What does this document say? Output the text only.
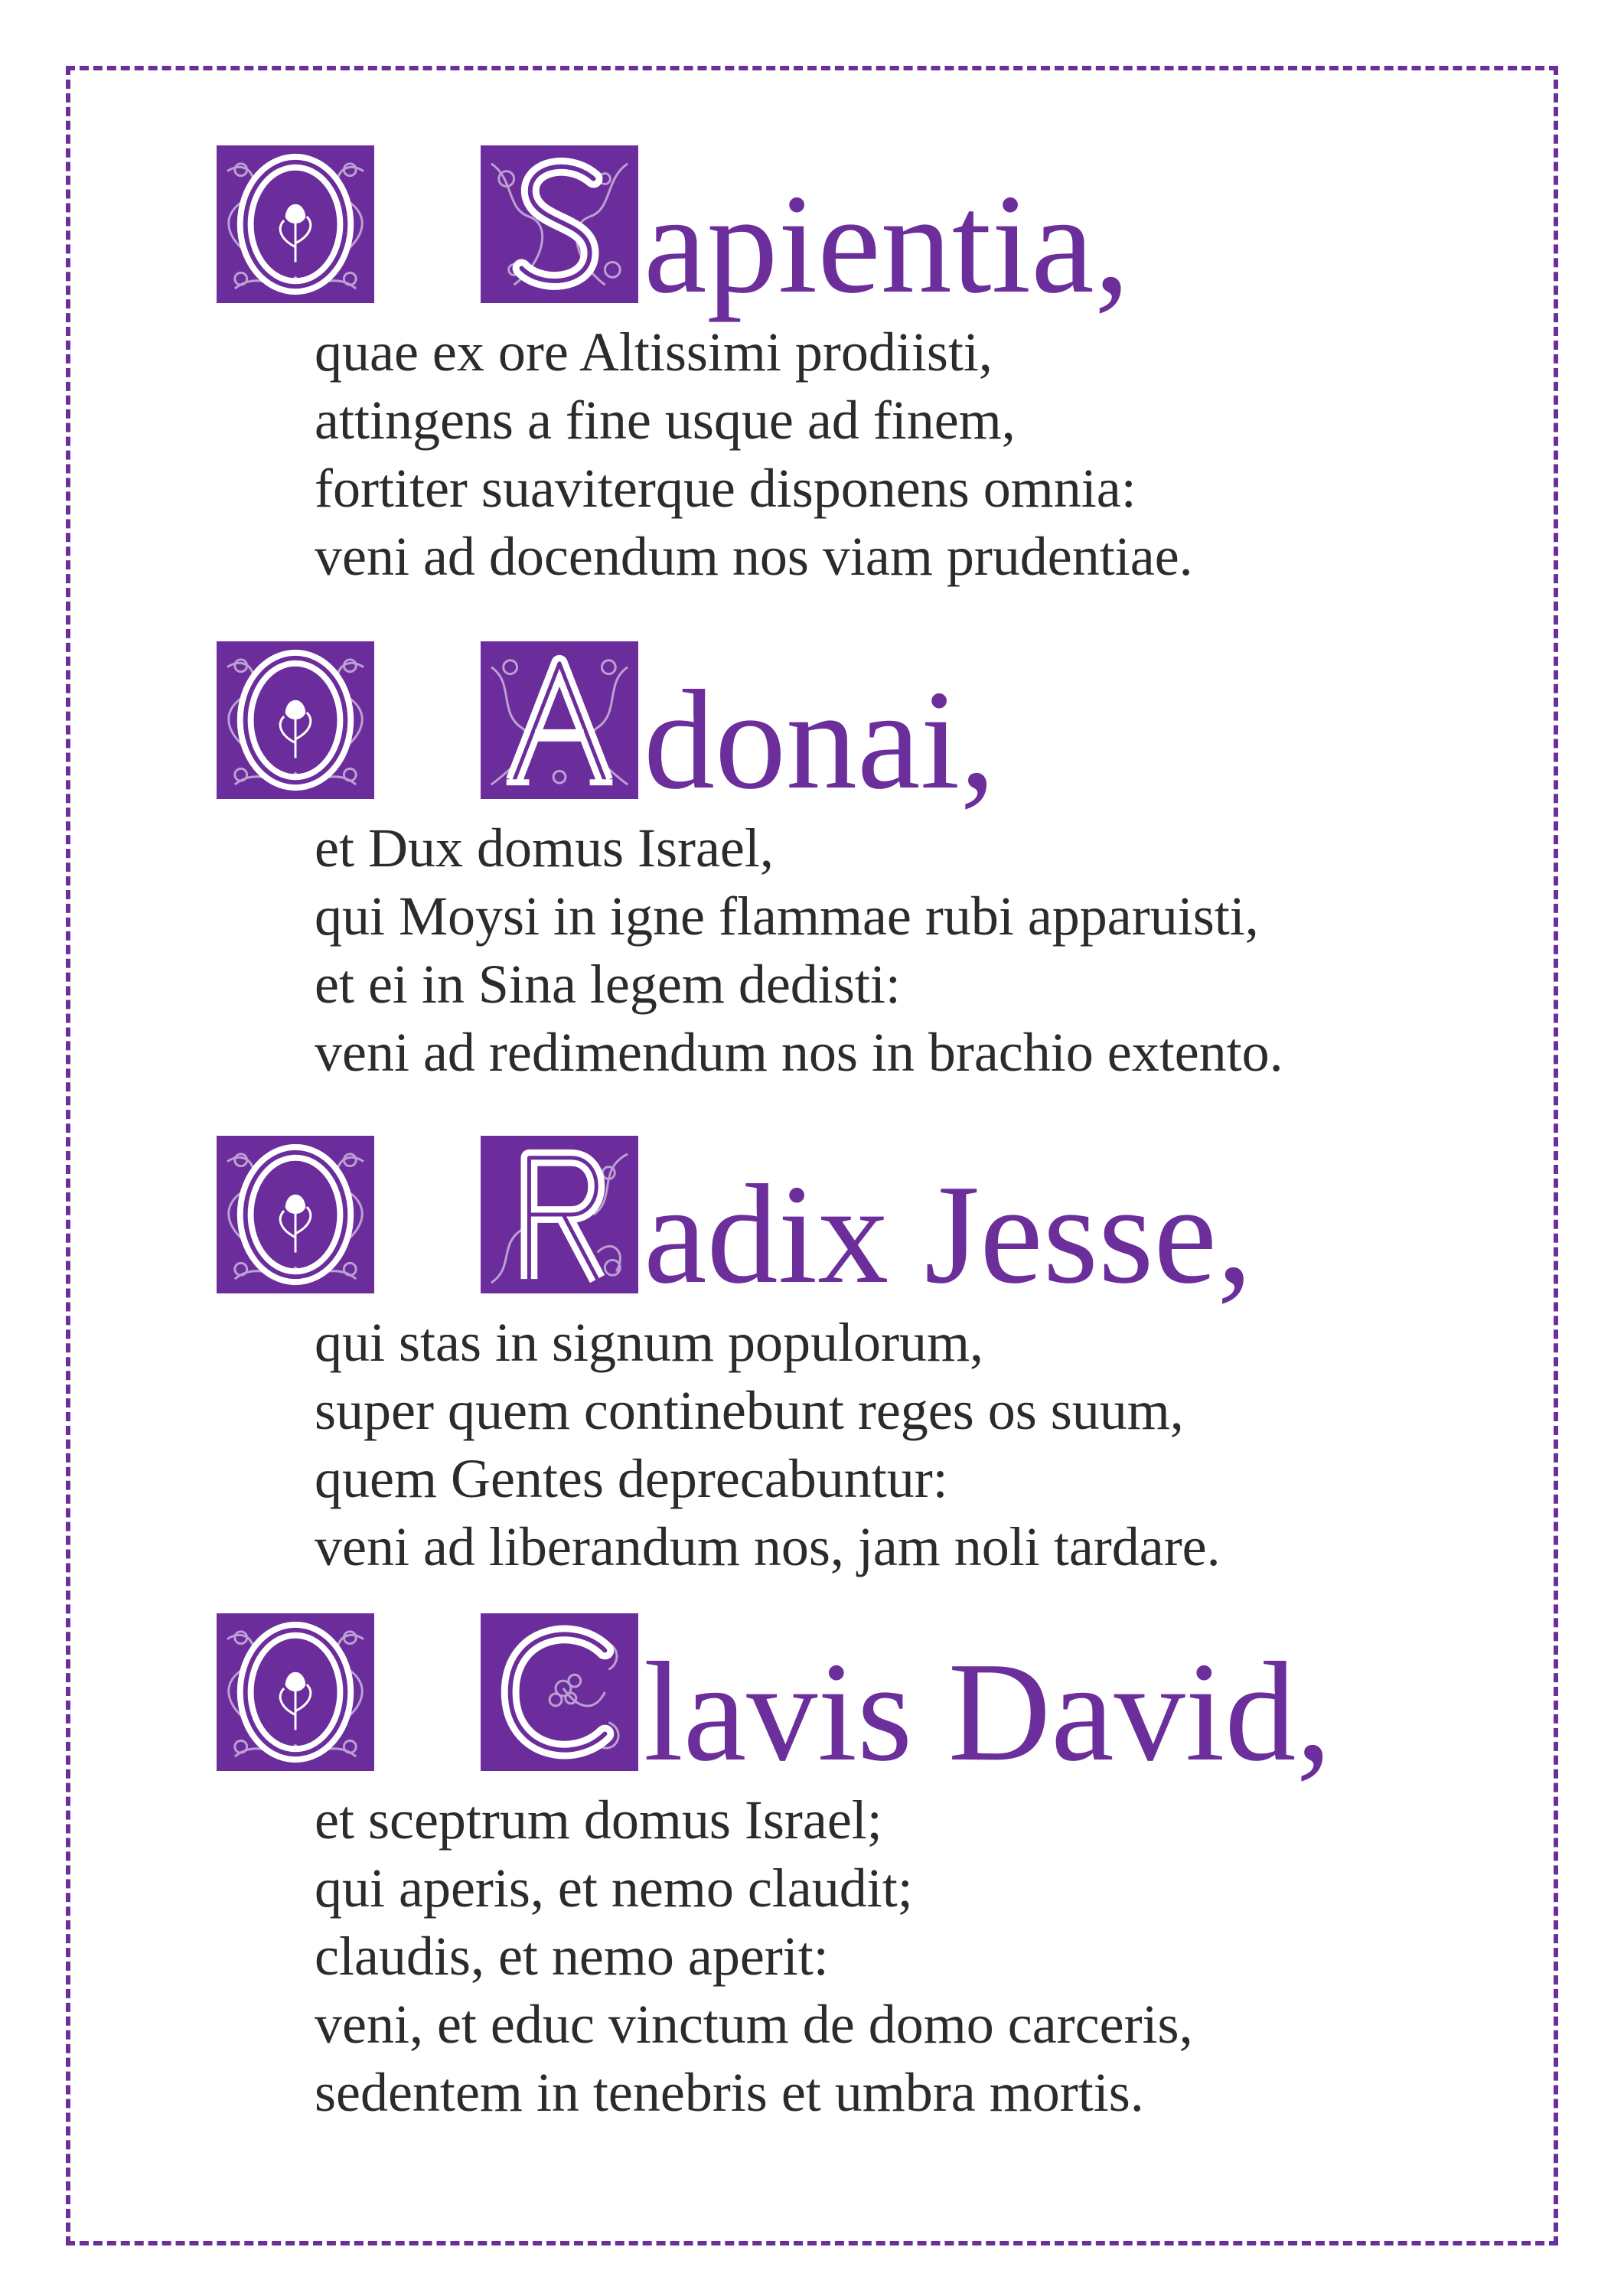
apientia,
quae ex ore Altissimi prodiisti,
attingens a fine usque ad finem,
fortiter suaviterque disponens omnia:
veni ad docendum nos viam prudentiae.
donai,
et Dux domus Israel,
qui Moysi in igne flammae rubi apparuisti,
et ei in Sina legem dedisti:
veni ad redimendum nos in brachio extento.
adix Jesse,
qui stas in signum populorum,
super quem continebunt reges os suum,
quem Gentes deprecabuntur:
veni ad liberandum nos, jam noli tardare.
lavis David,
et sceptrum domus Israel;
qui aperis, et nemo claudit;
claudis, et nemo aperit:
veni, et educ vinctum de domo carceris,
sedentem in tenebris et umbra mortis.
